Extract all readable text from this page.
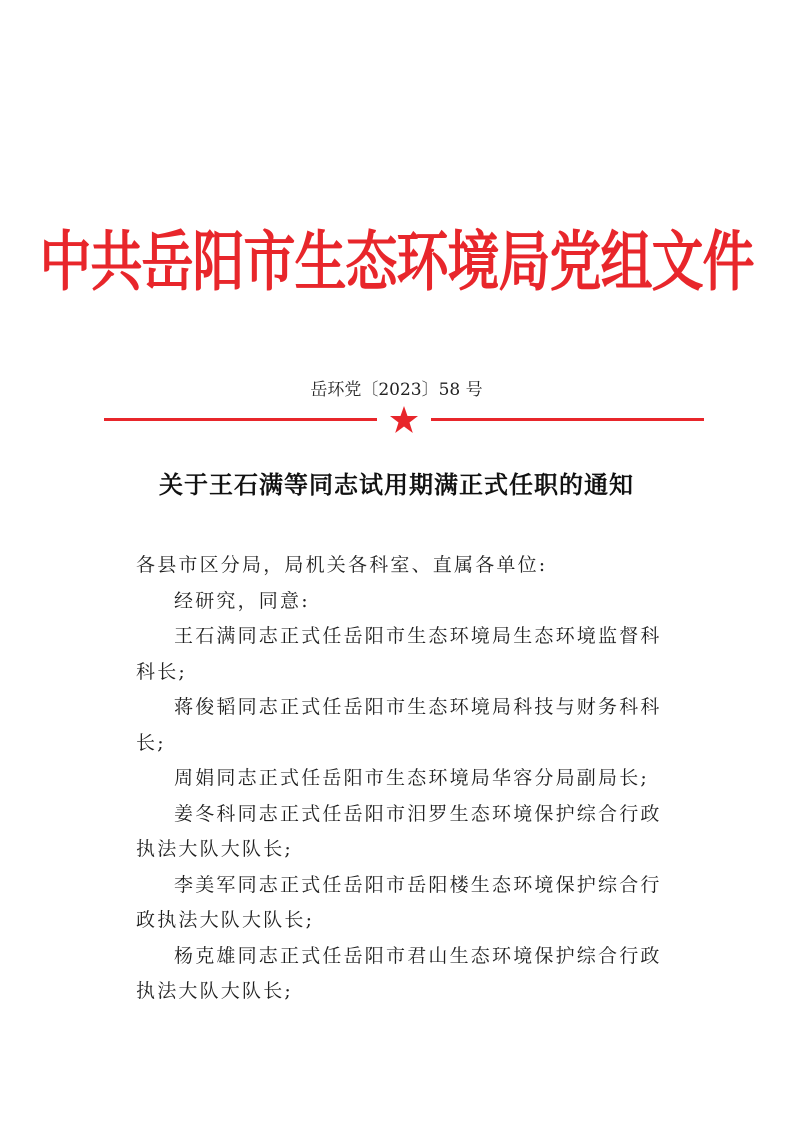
中共岳阳市生态环境局党组文件
岳环党〔2023〕58 号
关于王石满等同志试用期满正式任职的通知

各县市区分局，局机关各科室、直属各单位:

经研究，同意:

王石满同志正式任岳阳市生态环境局生态环境监督科科长;

蒋俊韬同志正式任岳阳市生态环境局科技与财务科科长;

周娟同志正式任岳阳市生态环境局华容分局副局长;

姜冬科同志正式任岳阳市汨罗生态环境保护综合行政执法大队大队长;

李美军同志正式任岳阳市岳阳楼生态环境保护综合行政执法大队大队长;

杨克雄同志正式任岳阳市君山生态环境保护综合行政执法大队大队长;
